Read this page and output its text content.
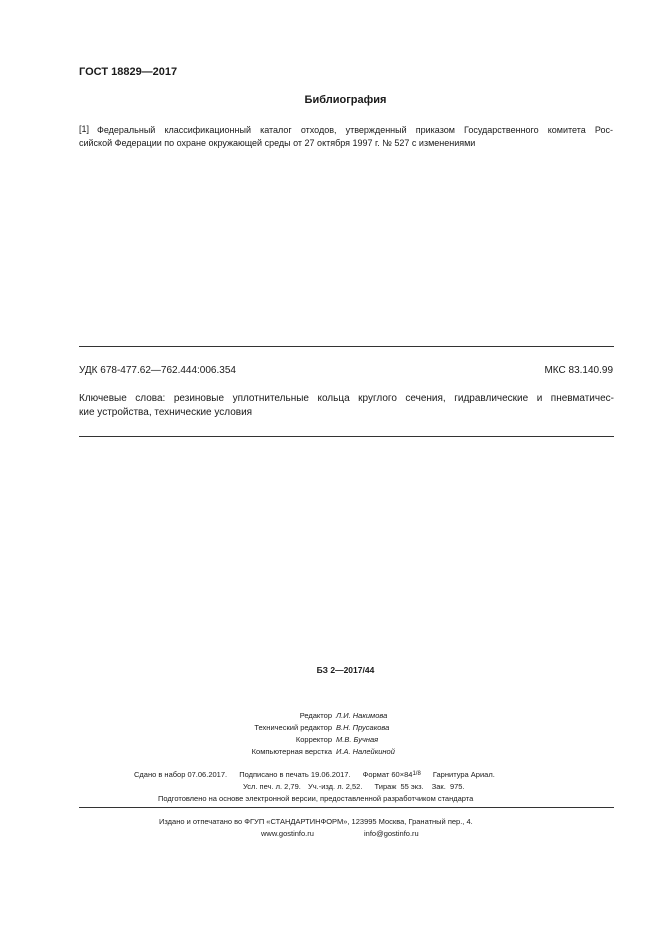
ГОСТ 18829—2017
Библиография
[1] Федеральный классификационный каталог отходов, утвержденный приказом Государственного комитета Рос-
сийской Федерации по охране окружающей среды от 27 октября 1997 г. № 527 с изменениями
УДК 678-477.62—762.444:006.354	МКС 83.140.99
Ключевые слова: резиновые уплотнительные кольца круглого сечения, гидравлические и пневматичес-
кие устройства, технические условия
БЗ 2—2017/44
Редактор Л.И. Накимова
Технический редактор В.Н. Прусакова
Корректор М.В. Бучная
Компьютерная верстка И.А. Налейкиной
Сдано в набор 07.06.2017. Подписано в печать 19.06.2017. Формат $60\times 84^{1/8}$ Гарнитура Ариал.
Усл. печ. л. 2,79. Уч.-изд. л. 2,52. Тираж  55 экз. Зак.  975.
Подготовлено на основе электронной версии, предоставленной разработчиком стандарта
Издано и отпечатано во ФГУП «СТАНДАРТИНФОРМ», 123995 Москва, Гранатный пер., 4.
www.gostinfo.ru	info@gostinfo.ru
